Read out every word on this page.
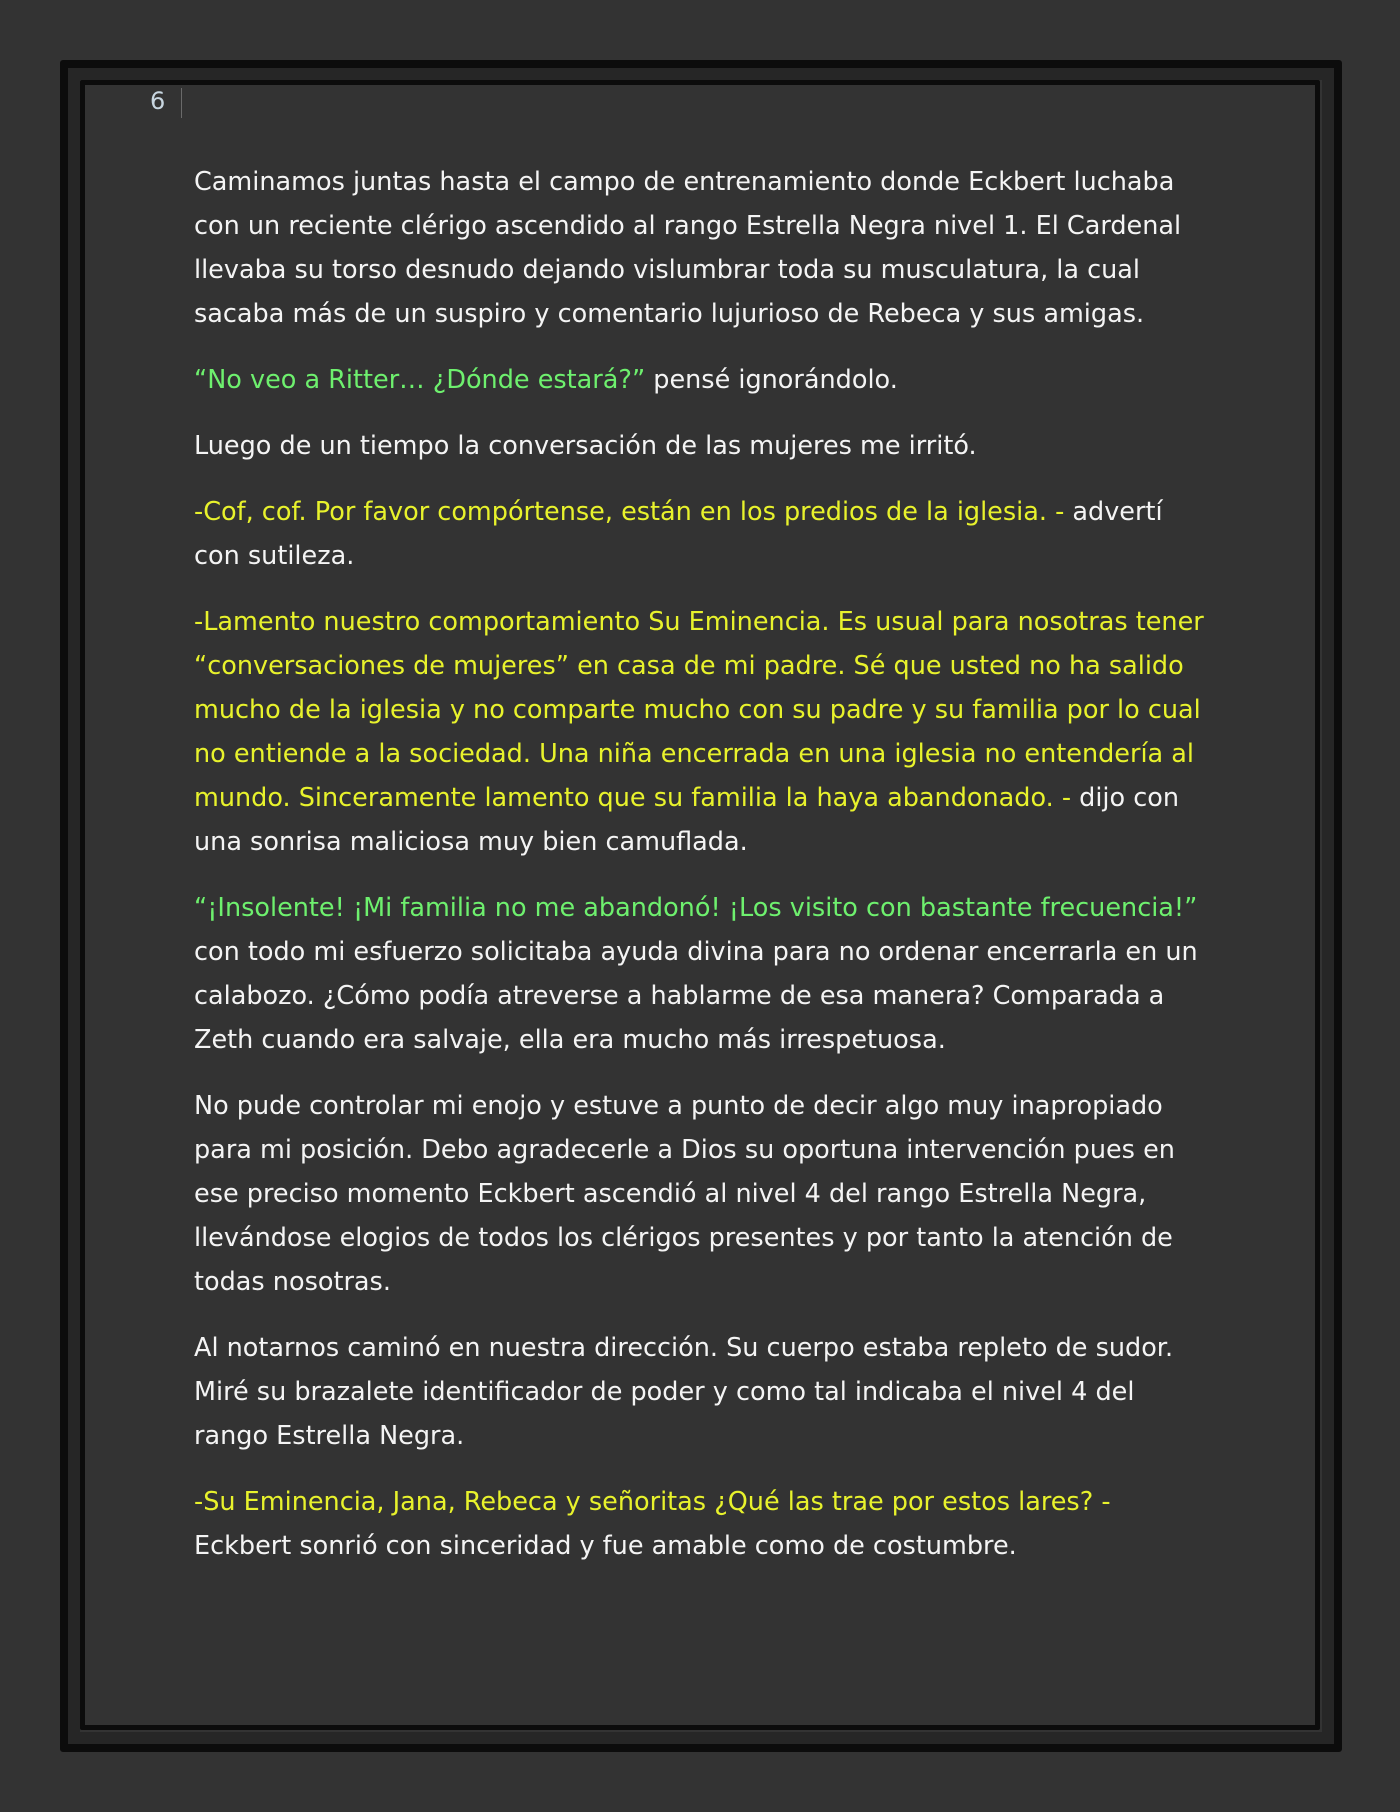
6

Caminamos juntas hasta el campo de entrenamiento donde Eckbert luchaba con un reciente clérigo ascendido al rango Estrella Negra nivel 1. El Cardenal llevaba su torso desnudo dejando vislumbrar toda su musculatura, la cual sacaba más de un suspiro y comentario lujurioso de Rebeca y sus amigas.

“No veo a Ritter… ¿Dónde estará?” pensé ignorándolo.

Luego de un tiempo la conversación de las mujeres me irritó.

-Cof, cof. Por favor compórtense, están en los predios de la iglesia. - advertí con sutileza.

-Lamento nuestro comportamiento Su Eminencia. Es usual para nosotras tener “conversaciones de mujeres” en casa de mi padre. Sé que usted no ha salido mucho de la iglesia y no comparte mucho con su padre y su familia por lo cual no entiende a la sociedad. Una niña encerrada en una iglesia no entendería al mundo. Sinceramente lamento que su familia la haya abandonado. - dijo con una sonrisa maliciosa muy bien camuflada.

“¡Insolente! ¡Mi familia no me abandonó! ¡Los visito con bastante frecuencia!” con todo mi esfuerzo solicitaba ayuda divina para no ordenar encerrarla en un calabozo. ¿Cómo podía atreverse a hablarme de esa manera? Comparada a Zeth cuando era salvaje, ella era mucho más irrespetuosa.

No pude controlar mi enojo y estuve a punto de decir algo muy inapropiado para mi posición. Debo agradecerle a Dios su oportuna intervención pues en ese preciso momento Eckbert ascendió al nivel 4 del rango Estrella Negra, llevándose elogios de todos los clérigos presentes y por tanto la atención de todas nosotras.

Al notarnos caminó en nuestra dirección. Su cuerpo estaba repleto de sudor. Miré su brazalete identificador de poder y como tal indicaba el nivel 4 del rango Estrella Negra.

-Su Eminencia, Jana, Rebeca y señoritas ¿Qué las trae por estos lares? - Eckbert sonrió con sinceridad y fue amable como de costumbre.
